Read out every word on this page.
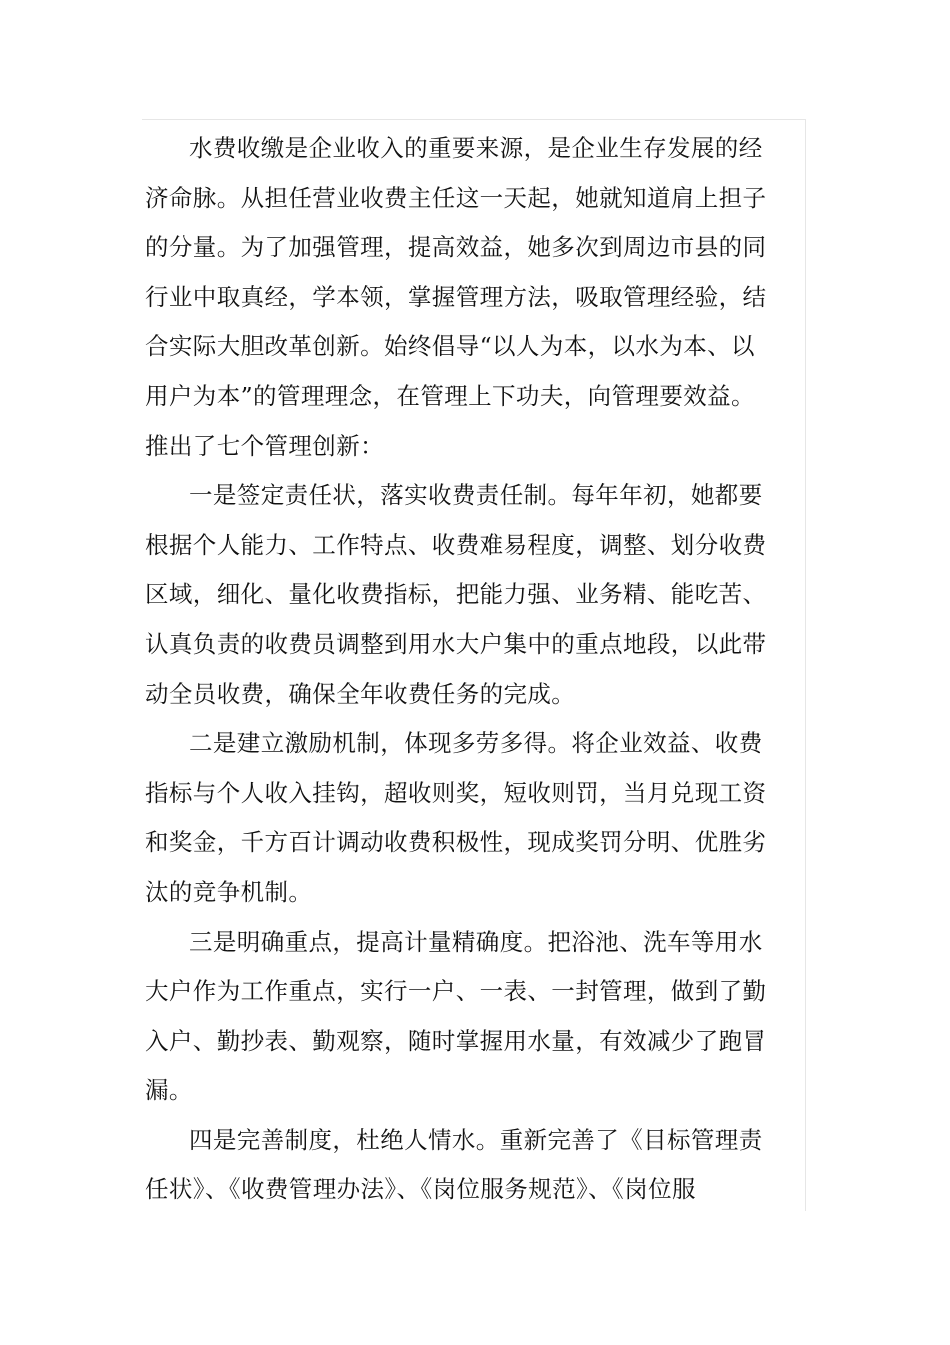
水费收缴是企业收入的重要来源，是企业生存发展的经
济命脉。从担任营业收费主任这一天起，她就知道肩上担子
的分量。为了加强管理，提高效益，她多次到周边市县的同
行业中取真经，学本领，掌握管理方法，吸取管理经验，结
合实际大胆改革创新。始终倡导“以人为本，以水为本、以
用户为本”的管理理念，在管理上下功夫，向管理要效益。
推出了七个管理创新：
一是签定责任状，落实收费责任制。每年年初，她都要
根据个人能力、工作特点、收费难易程度，调整、划分收费
区域，细化、量化收费指标，把能力强、业务精、能吃苦、
认真负责的收费员调整到用水大户集中的重点地段，以此带
动全员收费，确保全年收费任务的完成。
二是建立激励机制，体现多劳多得。将企业效益、收费
指标与个人收入挂钩，超收则奖，短收则罚，当月兑现工资
和奖金，千方百计调动收费积极性，现成奖罚分明、优胜劣
汰的竞争机制。
三是明确重点，提高计量精确度。把浴池、洗车等用水
大户作为工作重点，实行一户、一表、一封管理，做到了勤
入户、勤抄表、勤观察，随时掌握用水量，有效减少了跑冒
漏。
四是完善制度，杜绝人情水。重新完善了《目标管理责
任状》、《收费管理办法》、《岗位服务规范》、《岗位服
